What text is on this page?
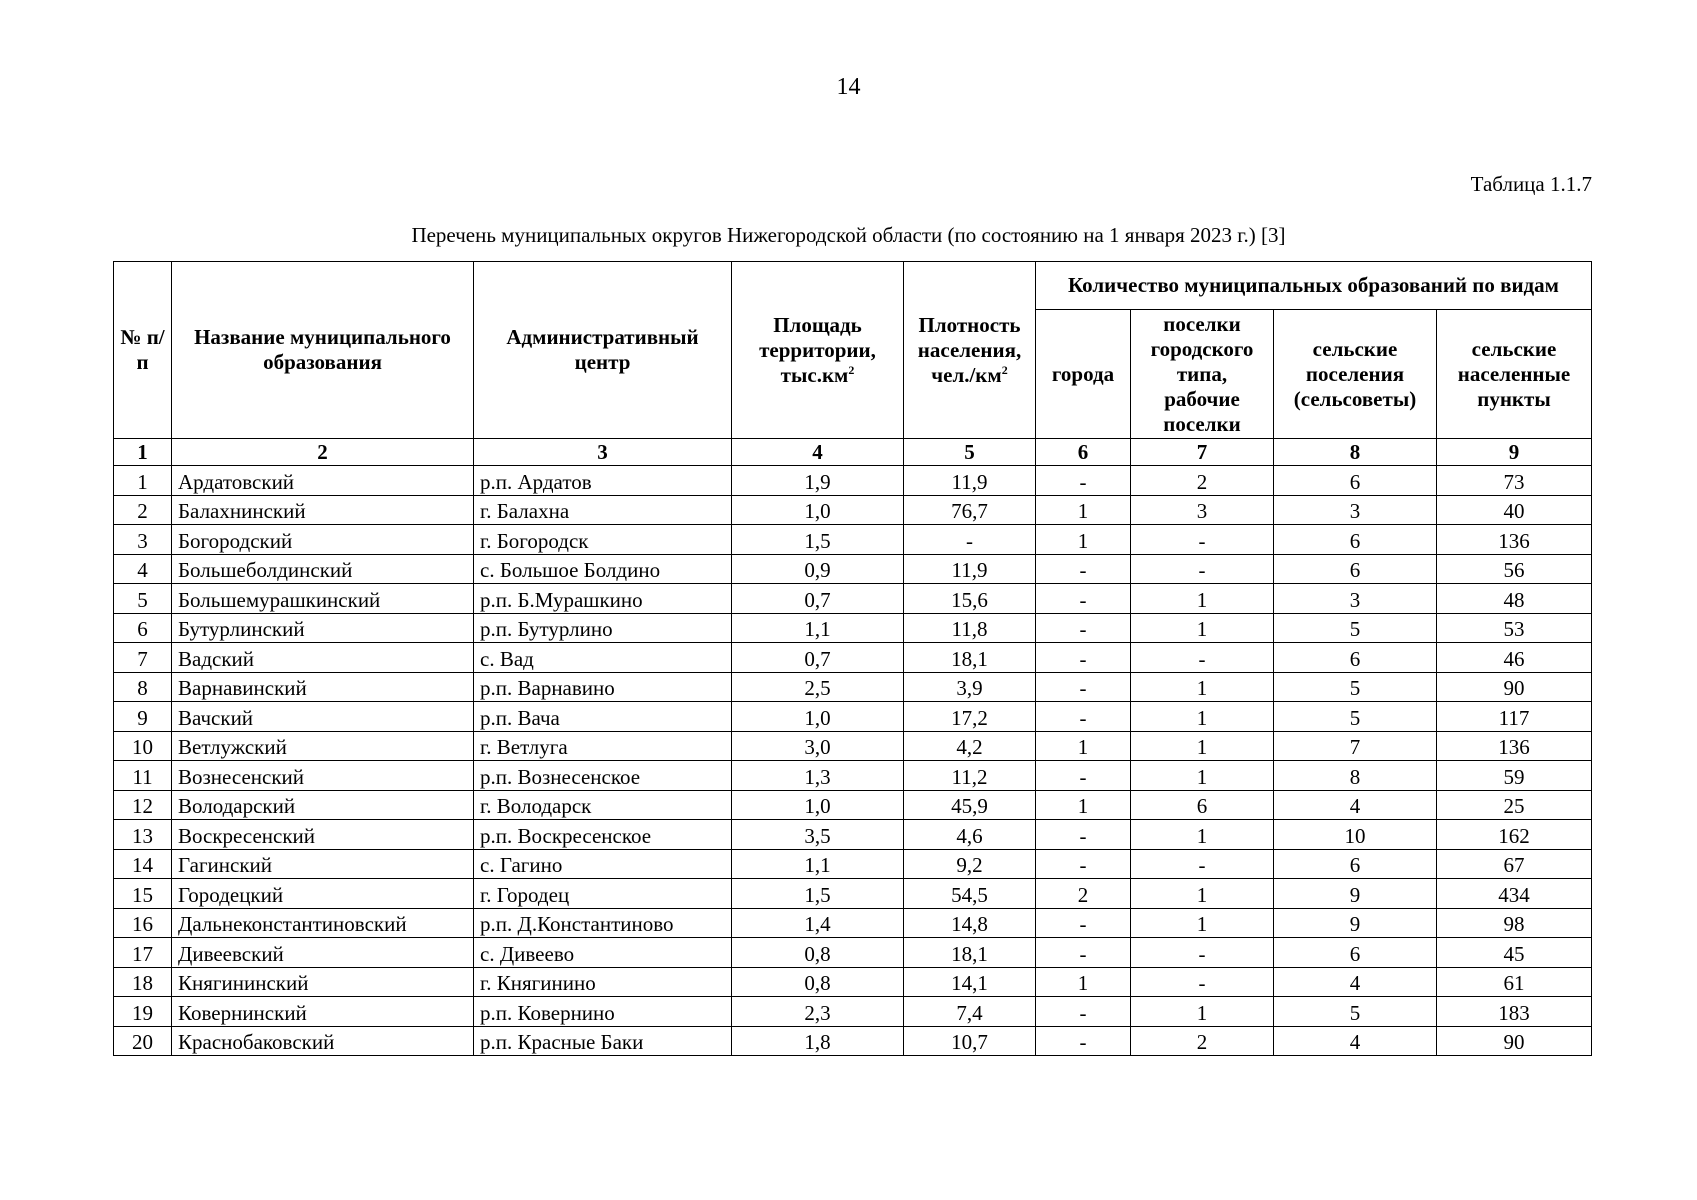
14
Таблица 1.1.7
Перечень муниципальных округов Нижегородской области (по состоянию на 1 января 2023 г.) [3]
№ п/п	Название муниципального образования	Административный центр	Площадь территории, $тыс.км^2$	Плотность населения, $чел./км^2$	Количество муниципальных образований по видам			
					города	поселки городского типа, рабочие поселки	сельские поселения (сельсоветы)	сельские населенные пункты
1	2	3	4	5	6	7	8	9
1	Ардатовский	р.п. Ардатов	1,9	11,9	-	2	6	73
2	Балахнинский	г. Балахна	1,0	76,7	1	3	3	40
3	Богородский	г. Богородск	1,5	-	1	-	6	136
4	Большеболдинский	с. Большое Болдино	0,9	11,9	-	-	6	56
5	Большемурашкинский	р.п. Б.Мурашкино	0,7	15,6	-	1	3	48
6	Бутурлинский	р.п. Бутурлино	1,1	11,8	-	1	5	53
7	Вадский	с. Вад	0,7	18,1	-	-	6	46
8	Варнавинский	р.п. Варнавино	2,5	3,9	-	1	5	90
9	Вачский	р.п. Вача	1,0	17,2	-	1	5	117
10	Ветлужский	г. Ветлуга	3,0	4,2	1	1	7	136
11	Вознесенский	р.п. Вознесенское	1,3	11,2	-	1	8	59
12	Володарский	г. Володарск	1,0	45,9	1	6	4	25
13	Воскресенский	р.п. Воскресенское	3,5	4,6	-	1	10	162
14	Гагинский	с. Гагино	1,1	9,2	-	-	6	67
15	Городецкий	г. Городец	1,5	54,5	2	1	9	434
16	Дальнеконстантиновский	р.п. Д.Константиново	1,4	14,8	-	1	9	98
17	Дивеевский	с. Дивеево	0,8	18,1	-	-	6	45
18	Княгининский	г. Княгинино	0,8	14,1	1	-	4	61
19	Ковернинский	р.п. Ковернино	2,3	7,4	-	1	5	183
20	Краснобаковский	р.п. Красные Баки	1,8	10,7	-	2	4	90
